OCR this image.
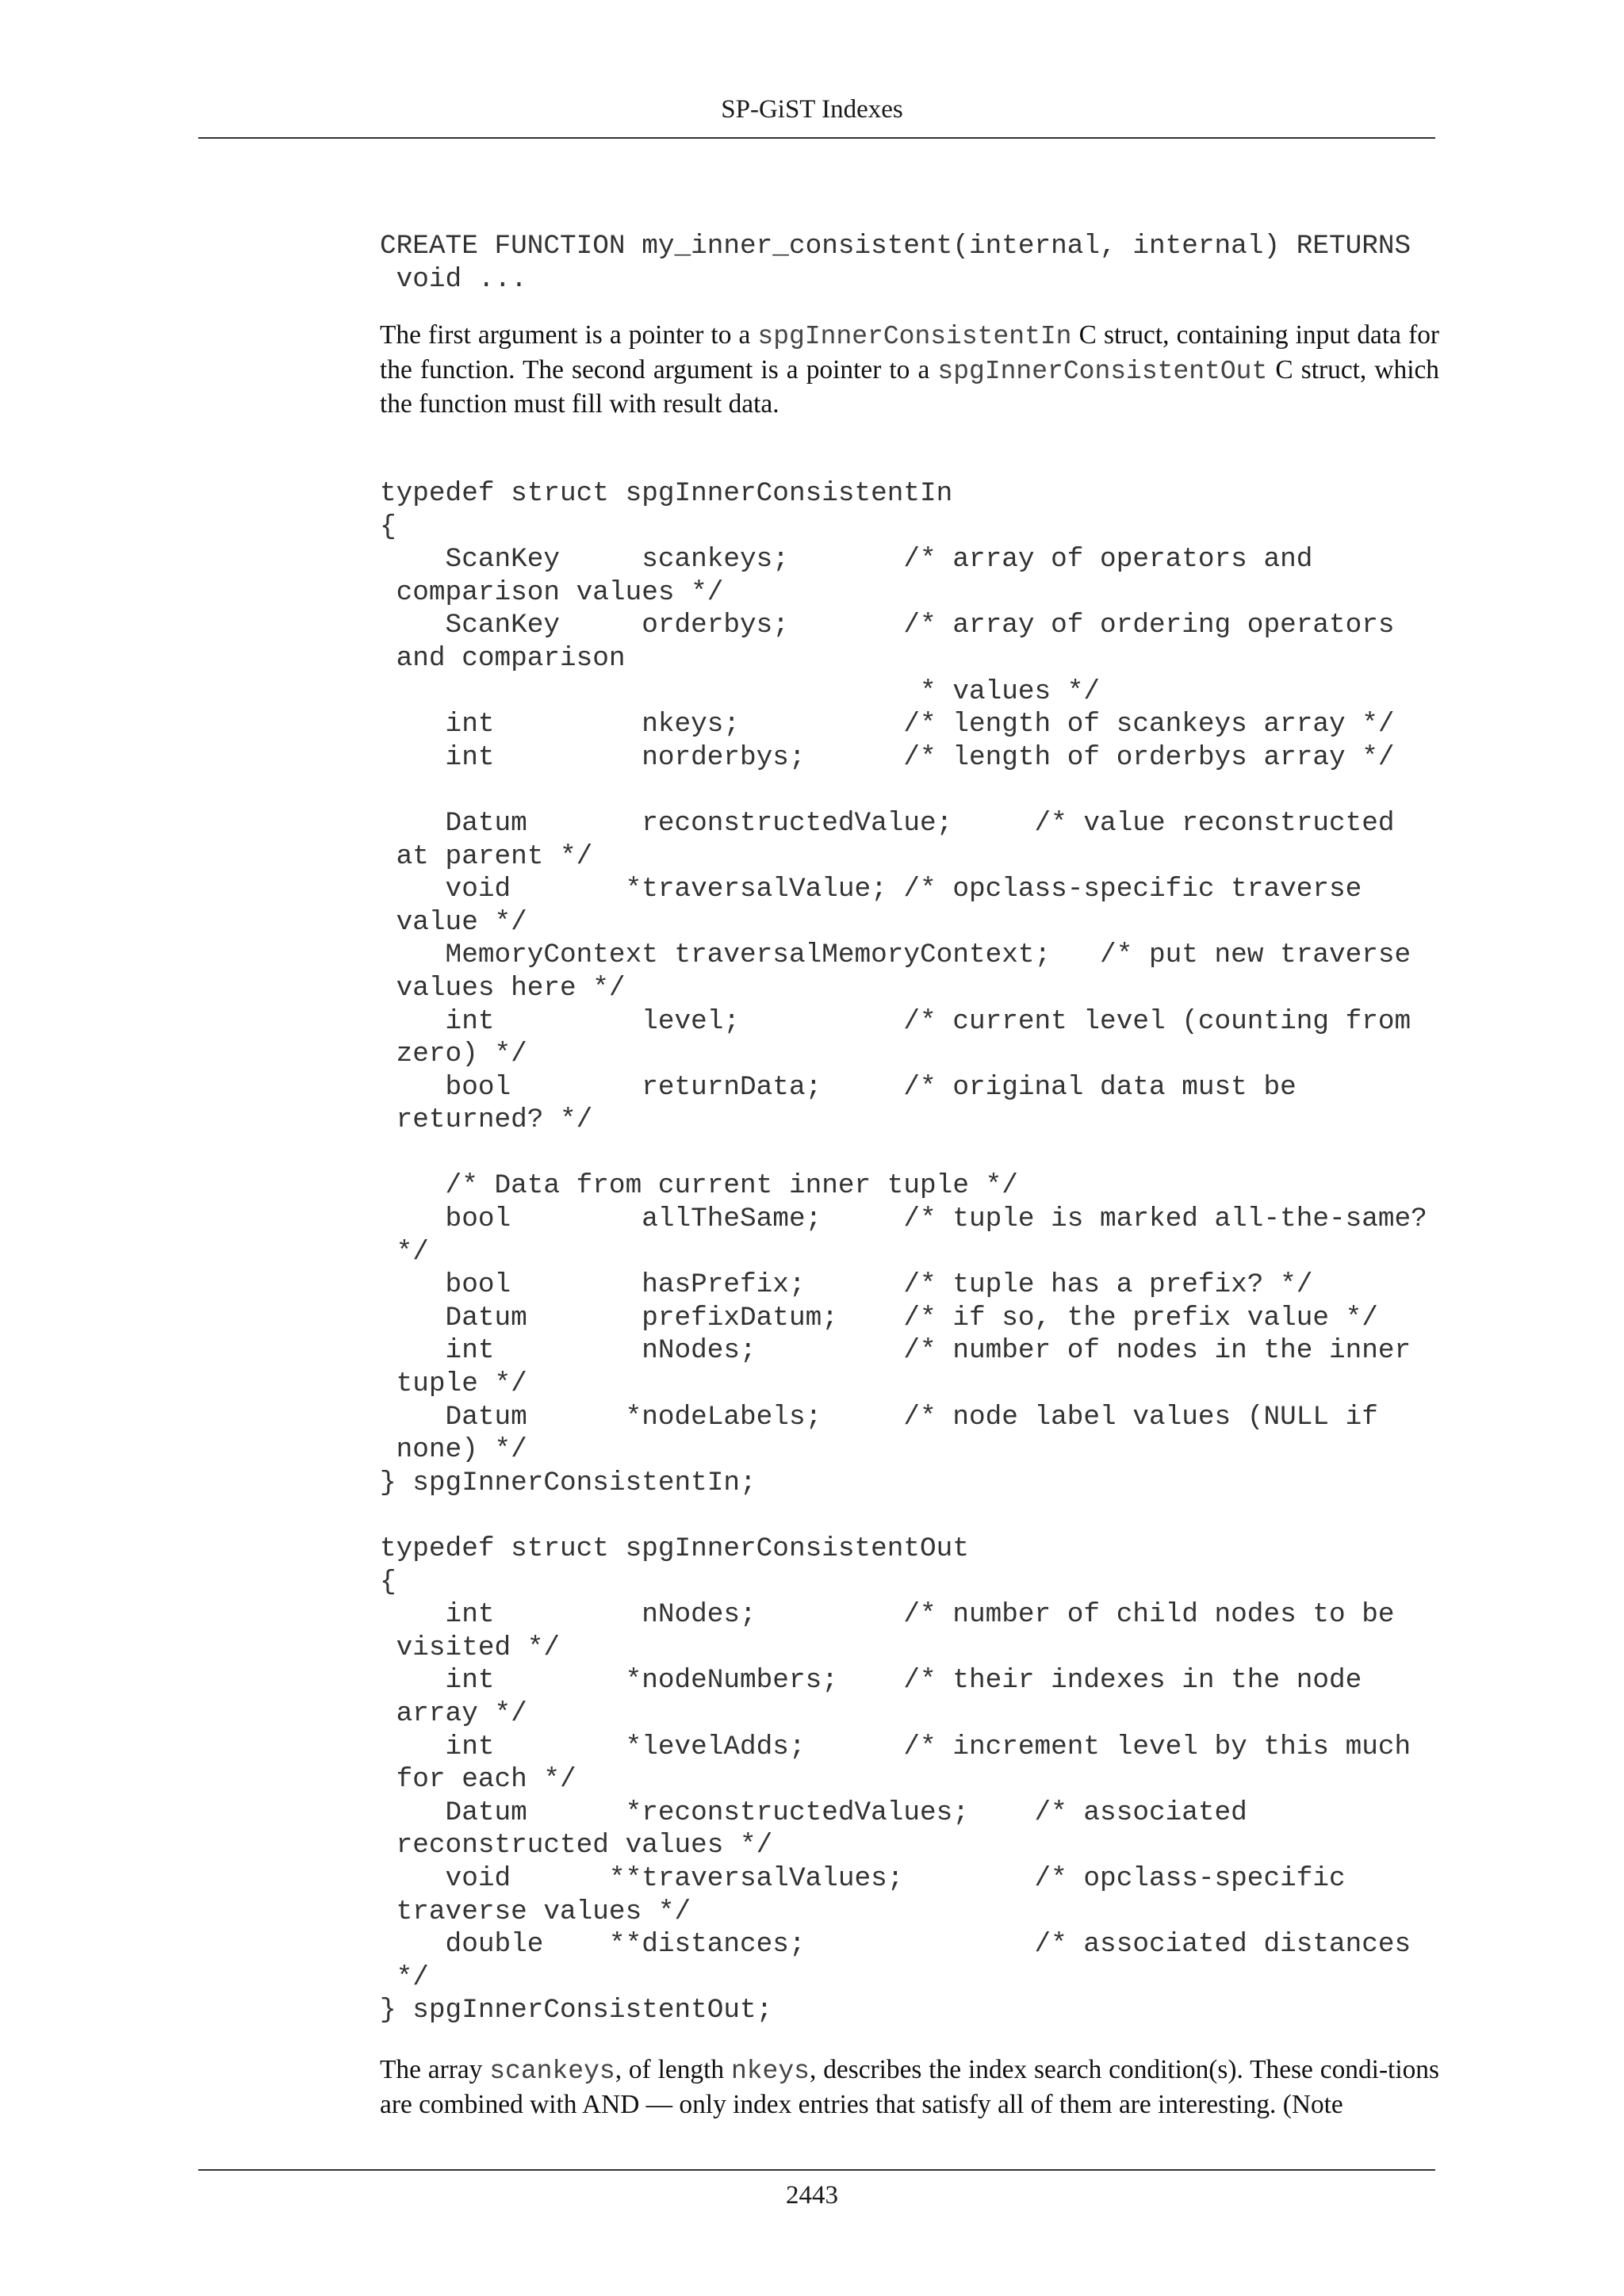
SP-GiST Indexes
CREATE FUNCTION my_inner_consistent(internal, internal) RETURNS
void ...

The first argument is a pointer to a spgInnerConsistentIn C struct, containing input data for the function. The second argument is a pointer to a spgInnerConsistentOut C struct, which the function must fill with result data.

typedef struct spgInnerConsistentIn
{
ScanKey     scankeys;       /* array of operators and
comparison values */
ScanKey     orderbys;       /* array of ordering operators
and comparison
* values */
int         nkeys;          /* length of scankeys array */
int         norderbys;      /* length of orderbys array */
Datum       reconstructedValue;     /* value reconstructed
at parent */
void       *traversalValue; /* opclass-specific traverse
value */
MemoryContext traversalMemoryContext;   /* put new traverse
values here */
int         level;          /* current level (counting from
zero) */
bool        returnData;     /* original data must be
returned? */
/* Data from current inner tuple */
bool        allTheSame;     /* tuple is marked all-the-same?
*/
bool        hasPrefix;      /* tuple has a prefix? */
Datum       prefixDatum;    /* if so, the prefix value */
int         nNodes;         /* number of nodes in the inner
tuple */
Datum      *nodeLabels;     /* node label values (NULL if
none) */
} spgInnerConsistentIn;
typedef struct spgInnerConsistentOut
{
int         nNodes;         /* number of child nodes to be
visited */
int        *nodeNumbers;    /* their indexes in the node
array */
int        *levelAdds;      /* increment level by this much
for each */
Datum      *reconstructedValues;    /* associated
reconstructed values */
void      **traversalValues;        /* opclass-specific
traverse values */
double    **distances;              /* associated distances
*/
} spgInnerConsistentOut;

The array scankeys, of length nkeys, describes the index search condition(s). These condi-tions are combined with AND — only index entries that satisfy all of them are interesting. (Note

2443
